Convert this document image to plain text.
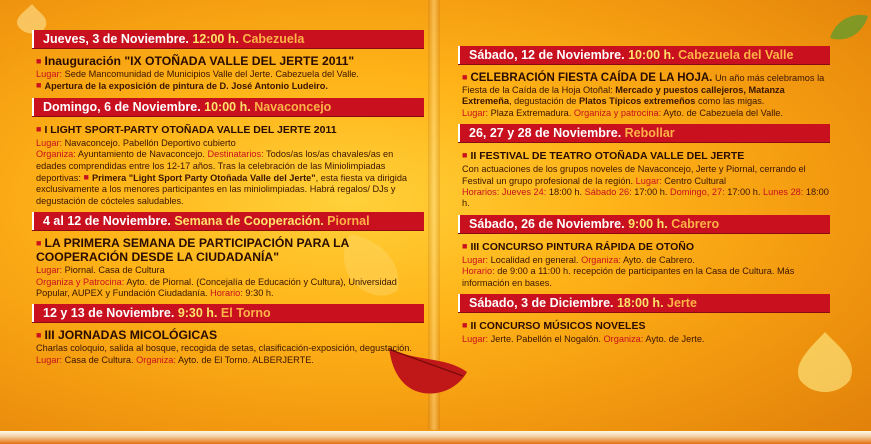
Jueves, 3 de Noviembre. 12:00 h. Cabezuela
■ Inauguración "IX OTOÑADA VALLE DEL JERTE 2011"
Lugar: Sede Mancomunidad de Municipios Valle del Jerte. Cabezuela del Valle.
■ Apertura de la exposición de pintura de D. José Antonio Ludeiro.
Domingo, 6 de Noviembre. 10:00 h. Navaconcejo
■ I LIGHT SPORT-PARTY OTOÑADA VALLE DEL JERTE 2011
Lugar: Navaconcejo. Pabellón Deportivo cubierto
Organiza: Ayuntamiento de Navaconcejo. Destinatarios: Todos/as los/as chavales/as en edades comprendidas entre los 12-17 años. Tras la celebración de las Miniolimpiadas deportivas: ■ Primera "Light Sport Party Otoñada Valle del Jerte", esta fiesta va dirigida exclusivamente a los menores participantes en las miniolimpiadas. Habrá regalos/ DJs y degustación de cócteles saludables.
4 al 12 de Noviembre. Semana de Cooperación. Piornal
■ LA PRIMERA SEMANA DE PARTICIPACIÓN PARA LA COOPERACIÓN DESDE LA CIUDADANÍA"
Lugar: Piornal. Casa de Cultura
Organiza y Patrocina: Ayto. de Piornal. (Concejalía de Educación y Cultura), Universidad Popular, AUPEX y Fundación Ciudadanía. Horario: 9:30 h.
12 y 13 de Noviembre. 9:30 h. El Torno
■ III JORNADAS MICOLÓGICAS
Charlas coloquio, salida al bosque, recogida de setas, clasificación-exposición, degustación. Lugar: Casa de Cultura. Organiza: Ayto. de El Torno. ALBERJERTE.
Sábado, 12 de Noviembre. 10:00 h. Cabezuela del Valle
■ CELEBRACIÓN FIESTA CAÍDA DE LA HOJA. Un año más celebramos la Fiesta de la Caída de la Hoja Otoñal: Mercado y puestos callejeros, Matanza Extremeña, degustación de Platos Típicos extremeños como las migas.
Lugar: Plaza Extremadura. Organiza y patrocina: Ayto. de Cabezuela del Valle.
26, 27 y 28 de Noviembre. Rebollar
■ II FESTIVAL DE TEATRO OTOÑADA VALLE DEL JERTE
Con actuaciones de los grupos noveles de Navaconcejo, Jerte y Piornal, cerrando el Festival un grupo profesional de la región. Lugar: Centro Cultural
Horarios: Jueves 24: 18:00 h. Sábado 26: 17:00 h. Domingo, 27: 17:00 h. Lunes 28: 18:00 h.
Sábado, 26 de Noviembre. 9:00 h. Cabrero
■ III CONCURSO PINTURA RÁPIDA DE OTOÑO
Lugar: Localidad en general. Organiza: Ayto. de Cabrero.
Horario: de 9:00 a 11:00 h. recepción de participantes en la Casa de Cultura. Más información en bases.
Sábado, 3 de Diciembre. 18:00 h. Jerte
■ II CONCURSO MÚSICOS NOVELES
Lugar: Jerte. Pabellón el Nogalón. Organiza: Ayto. de Jerte.
